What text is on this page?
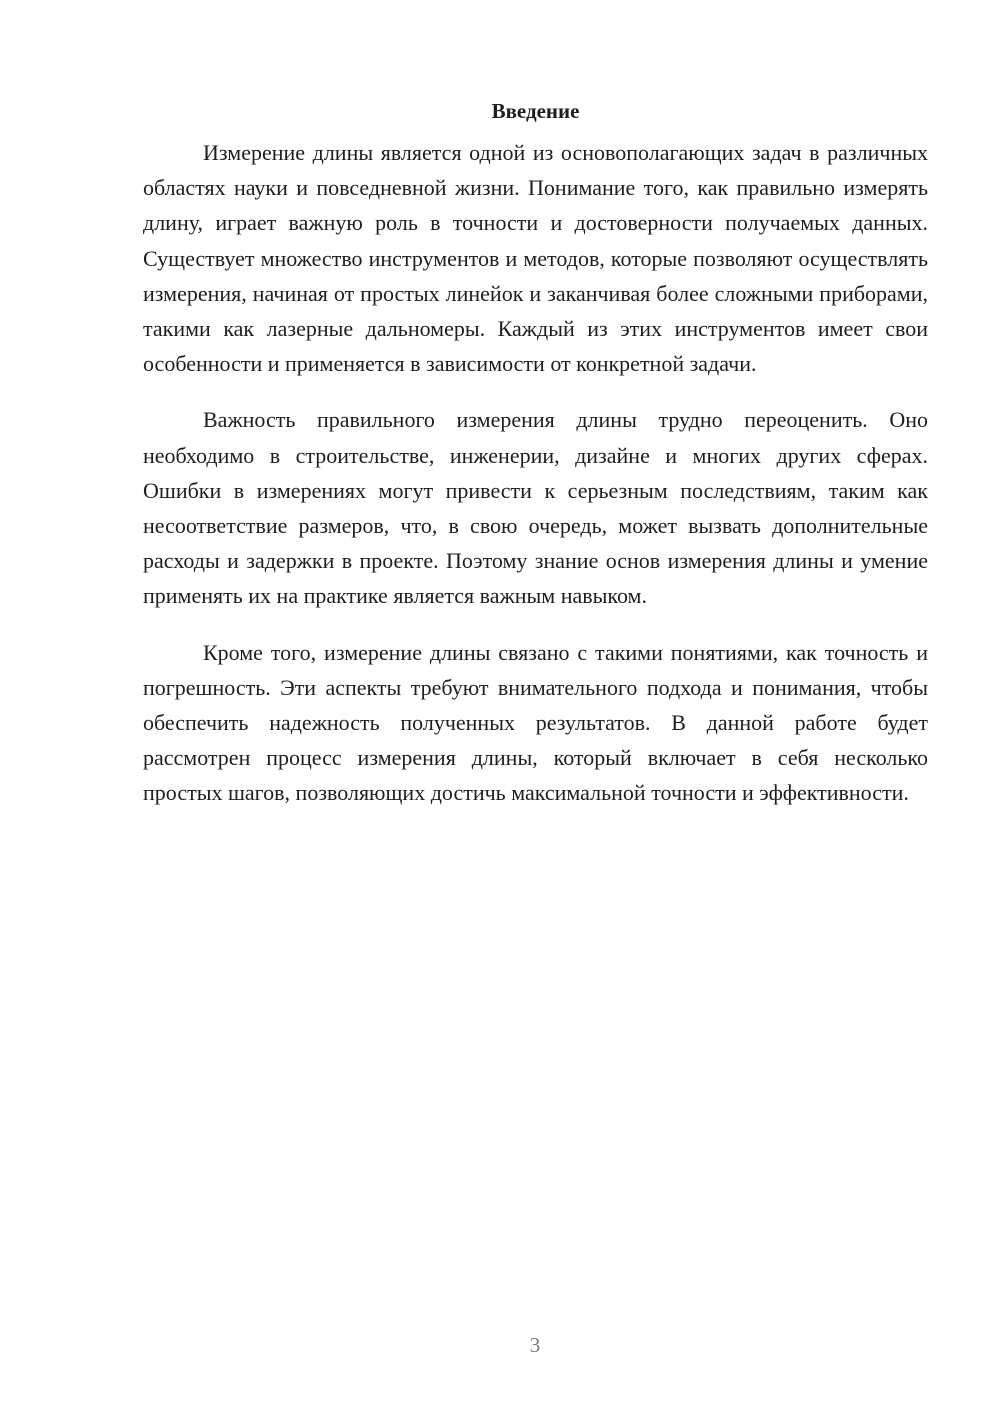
Введение

Измерение длины является одной из основополагающих задач в различных областях науки и повседневной жизни. Понимание того, как правильно измерять длину, играет важную роль в точности и достоверности получаемых данных. Существует множество инструментов и методов, которые позволяют осуществлять измерения, начиная от простых линейок и заканчивая более сложными приборами, такими как лазерные дальномеры. Каждый из этих инструментов имеет свои особенности и применяется в зависимости от конкретной задачи.

Важность правильного измерения длины трудно переоценить. Оно необходимо в строительстве, инженерии, дизайне и многих других сферах. Ошибки в измерениях могут привести к серьезным последствиям, таким как несоответствие размеров, что, в свою очередь, может вызвать дополнительные расходы и задержки в проекте. Поэтому знание основ измерения длины и умение применять их на практике является важным навыком.

Кроме того, измерение длины связано с такими понятиями, как точность и погрешность. Эти аспекты требуют внимательного подхода и понимания, чтобы обеспечить надежность полученных результатов. В данной работе будет рассмотрен процесс измерения длины, который включает в себя несколько простых шагов, позволяющих достичь максимальной точности и эффективности.

3
